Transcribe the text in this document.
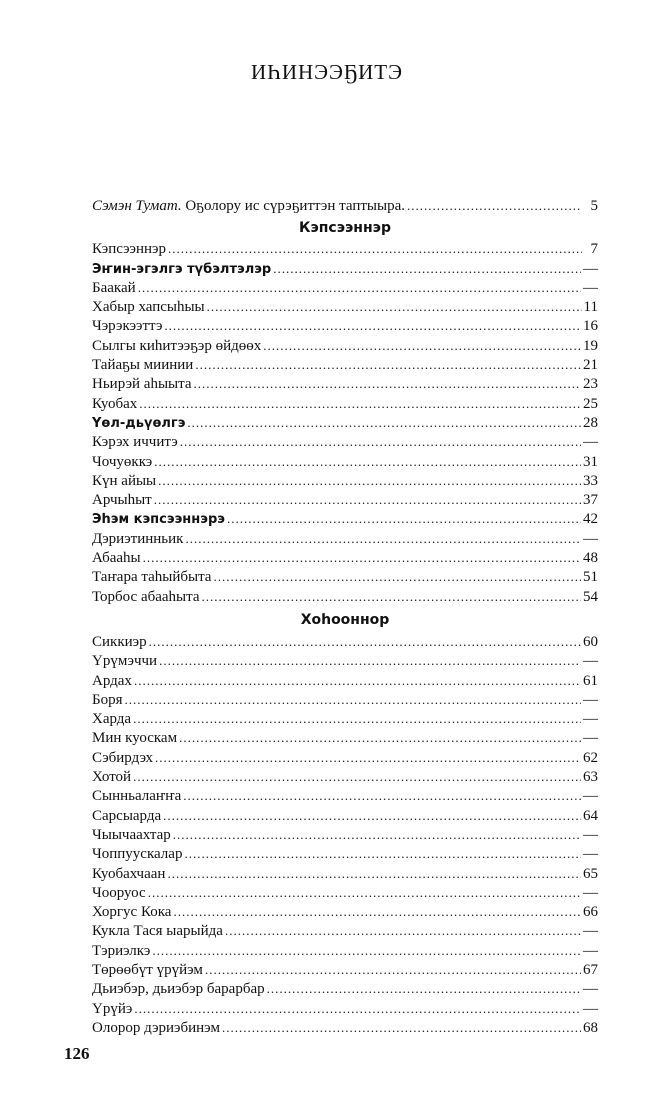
ИҺИНЭЭҔИТЭ
Сэмэн Тумат. Оҕолору ис сүрэҕиттэн таптыыра. .....	5
Кэпсээннэр
Кэпсээннэр .....	7
Эҥин-эгэлгэ түбэлтэлэр .....	—
Баакай .....	—
Хабыр хапсыһыы .....	11
Чэрэкээттэ .....	16
Сылгы киһитээҕэр өйдөөх .....	19
Тайаҕы миинии .....	21
Ньирэй аһыыта .....	23
Куобах .....	25
Үөл-дьүөлгэ .....	28
Кэрэх иччитэ .....	—
Чочуөккэ .....	31
Күн айыы .....	33
Арчыһыт .....	37
Эһэм кэпсээннэрэ .....	42
Дэриэтинньик .....	—
Абааһы .....	48
Таҥара таһыйбыта .....	51
Торбос абааһыта .....	54
Хоһооннор
Сиккиэр .....	60
Үрүмэччи .....	—
Ардах .....	61
Боря .....	—
Харда .....	—
Мин куоскам .....	—
Сэбирдэх .....	62
Хотой .....	63
Сынньалаҥҥа .....	—
Сарсыарда .....	64
Чыычаахтар .....	—
Чоппуускалар .....	—
Куобахчаан .....	65
Чооруос .....	—
Хоргус Кока .....	66
Кукла Тася ыарыйда .....	—
Тэриэлкэ .....	—
Төрөөбүт үрүйэм .....	67
Дьиэбэр, дьиэбэр барарбар .....	—
Үрүйэ .....	—
Олорор дэриэбинэм .....	68
126
